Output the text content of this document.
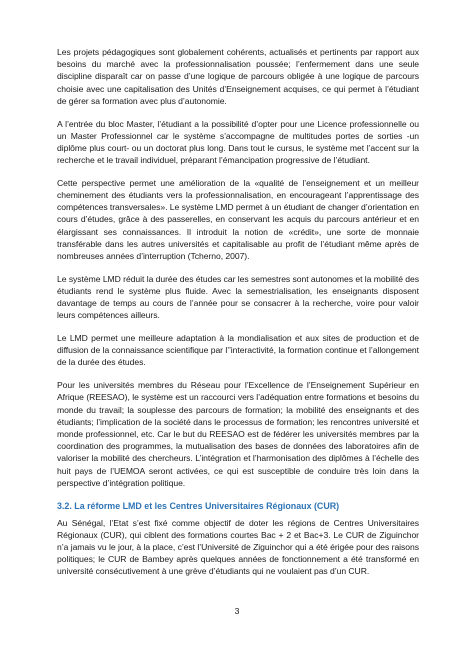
Les projets pédagogiques sont globalement cohérents, actualisés et pertinents par rapport aux besoins du marché avec la professionnalisation poussée; l’enfermement dans une seule discipline disparaît car on passe d’une logique de parcours obligée à une logique de parcours choisie avec une capitalisation des Unités d’Enseignement acquises, ce qui permet à l’étudiant de gérer sa formation avec plus d’autonomie.

A l’entrée du bloc Master, l’étudiant a la possibilité d’opter pour une Licence professionnelle ou un Master Professionnel car le système s’accompagne de multitudes portes de sorties -un diplôme plus court- ou un doctorat plus long. Dans tout le cursus, le système met l’accent sur la recherche et le travail individuel, préparant l’émancipation progressive de l’étudiant.

Cette perspective permet une amélioration de la «qualité de l’enseignement et un meilleur cheminement des étudiants vers la professionnalisation, en encourageant l’apprentissage des compétences transversales». Le système LMD permet à un étudiant de changer d’orientation en cours d’études, grâce à des passerelles, en conservant les acquis du parcours antérieur et en élargissant ses connaissances. Il introduit la notion de «crédit», une sorte de monnaie transférable dans les autres universités et capitalisable au profit de l’étudiant même après de nombreuses années d’interruption (Tcherno, 2007).

Le système LMD réduit la durée des études car les semestres sont autonomes et la mobilité des étudiants rend le système plus fluide. Avec la semestrialisation, les enseignants disposent davantage de temps au cours de l’année pour se consacrer à la recherche, voire pour valoir leurs compétences ailleurs.

Le LMD permet une meilleure adaptation à la mondialisation et aux sites de production et de diffusion de la connaissance scientifique par l’’interactivité, la formation continue et l’allongement de la durée des études.

Pour les universités membres du Réseau pour l’Excellence de l’Enseignement Supérieur en Afrique (REESAO), le système est un raccourci vers l’adéquation entre formations et besoins du monde du travail; la souplesse des parcours de formation; la mobilité des enseignants et des étudiants; l’implication de la société dans le processus de formation; les rencontres université et monde professionnel, etc. Car le but du REESAO est de fédérer les universités membres par la coordination des programmes, la mutualisation des bases de données des laboratoires afin de valoriser la mobilité des chercheurs. L’intégration et l’harmonisation des diplômes à l’échelle des huit pays de l’UEMOA seront activées, ce qui est susceptible de conduire très loin dans la perspective d’intégration politique.

3.2. La réforme LMD et les Centres Universitaires Régionaux (CUR)

Au Sénégal, l’Etat s’est fixé comme objectif de doter les régions de Centres Universitaires Régionaux (CUR), qui ciblent des formations courtes Bac + 2 et Bac+3. Le CUR de Ziguinchor n’a jamais vu le jour, à la place, c’est l’Université de Ziguinchor qui a été érigée pour des raisons politiques; le CUR de Bambey après quelques années de fonctionnement a été transformé en université consécutivement à une grève d’étudiants qui ne voulaient pas d’un CUR.

3
